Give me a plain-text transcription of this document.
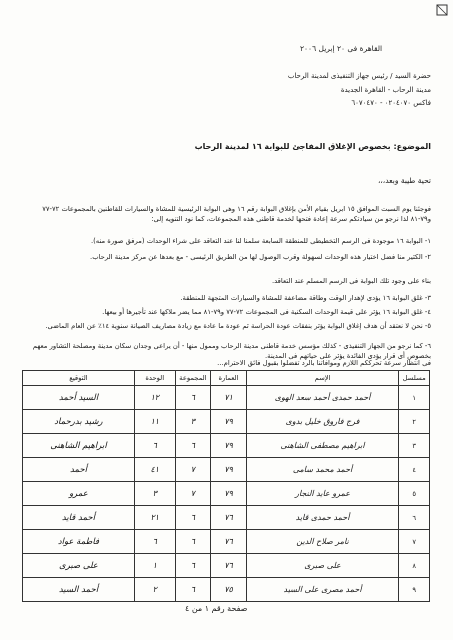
القاهرة فى ٢٠ إبريل ٢٠٠٦
حضرة السيد / رئيس جهاز التنفيذى لمدينة الرحاب
مدينة الرحاب - القاهرة الجديدة
فاكس ٠٢٠٤٠٧٠ - ٦٠٧٠٤٧٠
الموضوع: بخصوص الإغلاق المفاجئ للبوابة ١٦ لمدينة الرحاب
تحية طيبة وبعد،،،
فوجئنا يوم السبت الموافق ١٥ ابريل بقيام الأمن بإغلاق البوابة رقم ١٦ وهى البوابة الرئيسية للمشاة والسيارات للقاطنين بالمجموعات ٧٢-٧٧ و٧٩-٨١ لذا نرجو من سيادتكم سرعة إعادة فتحها لخدمة قاطنى هذه المجموعات، كما نود التنويه إلى:
١- البوابة ١٦ موجودة فى الرسم التخطيطى للمنطقة السابعة سلمنا لنا عند التعاقد على شراء الوحدات (مرفق صورة منه).
٢- الكثير منا فضل اختيار هذه الوحدات لسهولة وقرب الوصول لها من الطريق الرئيسى - مع بعدها عن مركز مدينة الرحاب.
بناء على وجود تلك البوابة فى الرسم المسلم عند التعاقد.
٣- غلق البوابة ١٦ يؤدى لإهدار الوقت وطاقة مضاعفة للمشاة والسيارات المتجهة للمنطقة.
٤- غلق البوابة ١٦ يؤثر على قيمة الوحدات السكنية فى المجموعات ٧٢-٧٧ و٧٩-٨١ مما يضر ملاكها عند تأجيرها أو بيعها.
٥- نحن لا نعتقد أن هدف إغلاق البوابة يؤثر بنفقات عودة الحراسة ثم عودة ما عادة مع زيادة مصاريف الصيانة سنوية ١٤٪ عن العام الماضى.
٦- كما نرجو من الجهاز التنفيذى - كذلك مؤسس خدمة قاطنى مدينة الرحاب وممول منها - أن يراعى وجدان سكان مدينة ومصلحة التشاور معهم بخصوص أى قرار يؤدى الفائدة يؤثر على حياتهم فى المدينة.
فى انتظار سرعة تحرككم اللازم وموافاتنا بالرد تفضلوا بقبول فائق الاحترام...
مسلسل	الإسم	العمارة	المجموعة	الوحدة	التوقيع
١	أحمد حمدى أحمد سعد الهوى	٧١	٦	١٢	السيد أحمد
٢	فرج فاروق خليل بدوى	٧٩	٣	١١	رشيد بدرحماد
٣	ابراهيم مصطفى الشاهنى	٧٩	٦	٦	ابراهيم الشاهنى
٤	أحمد محمد سامى	٧٩	٧	٤١	أحمد
٥	عمرو عايد النجار	٧٩	٧	٣	عمرو
٦	أحمد حمدى قايد	٧٦	٦	٢١	أحمد قايد
٧	نامر صلاح الدين	٧٦	٦	٦	فاطمة عواد
٨	على صبرى	٧٦	٦	١	على صبرى
٩	أحمد مصرى على السيد	٧٥	٦	٢	أحمد السيد
صفحة رقم ١ من ٤
